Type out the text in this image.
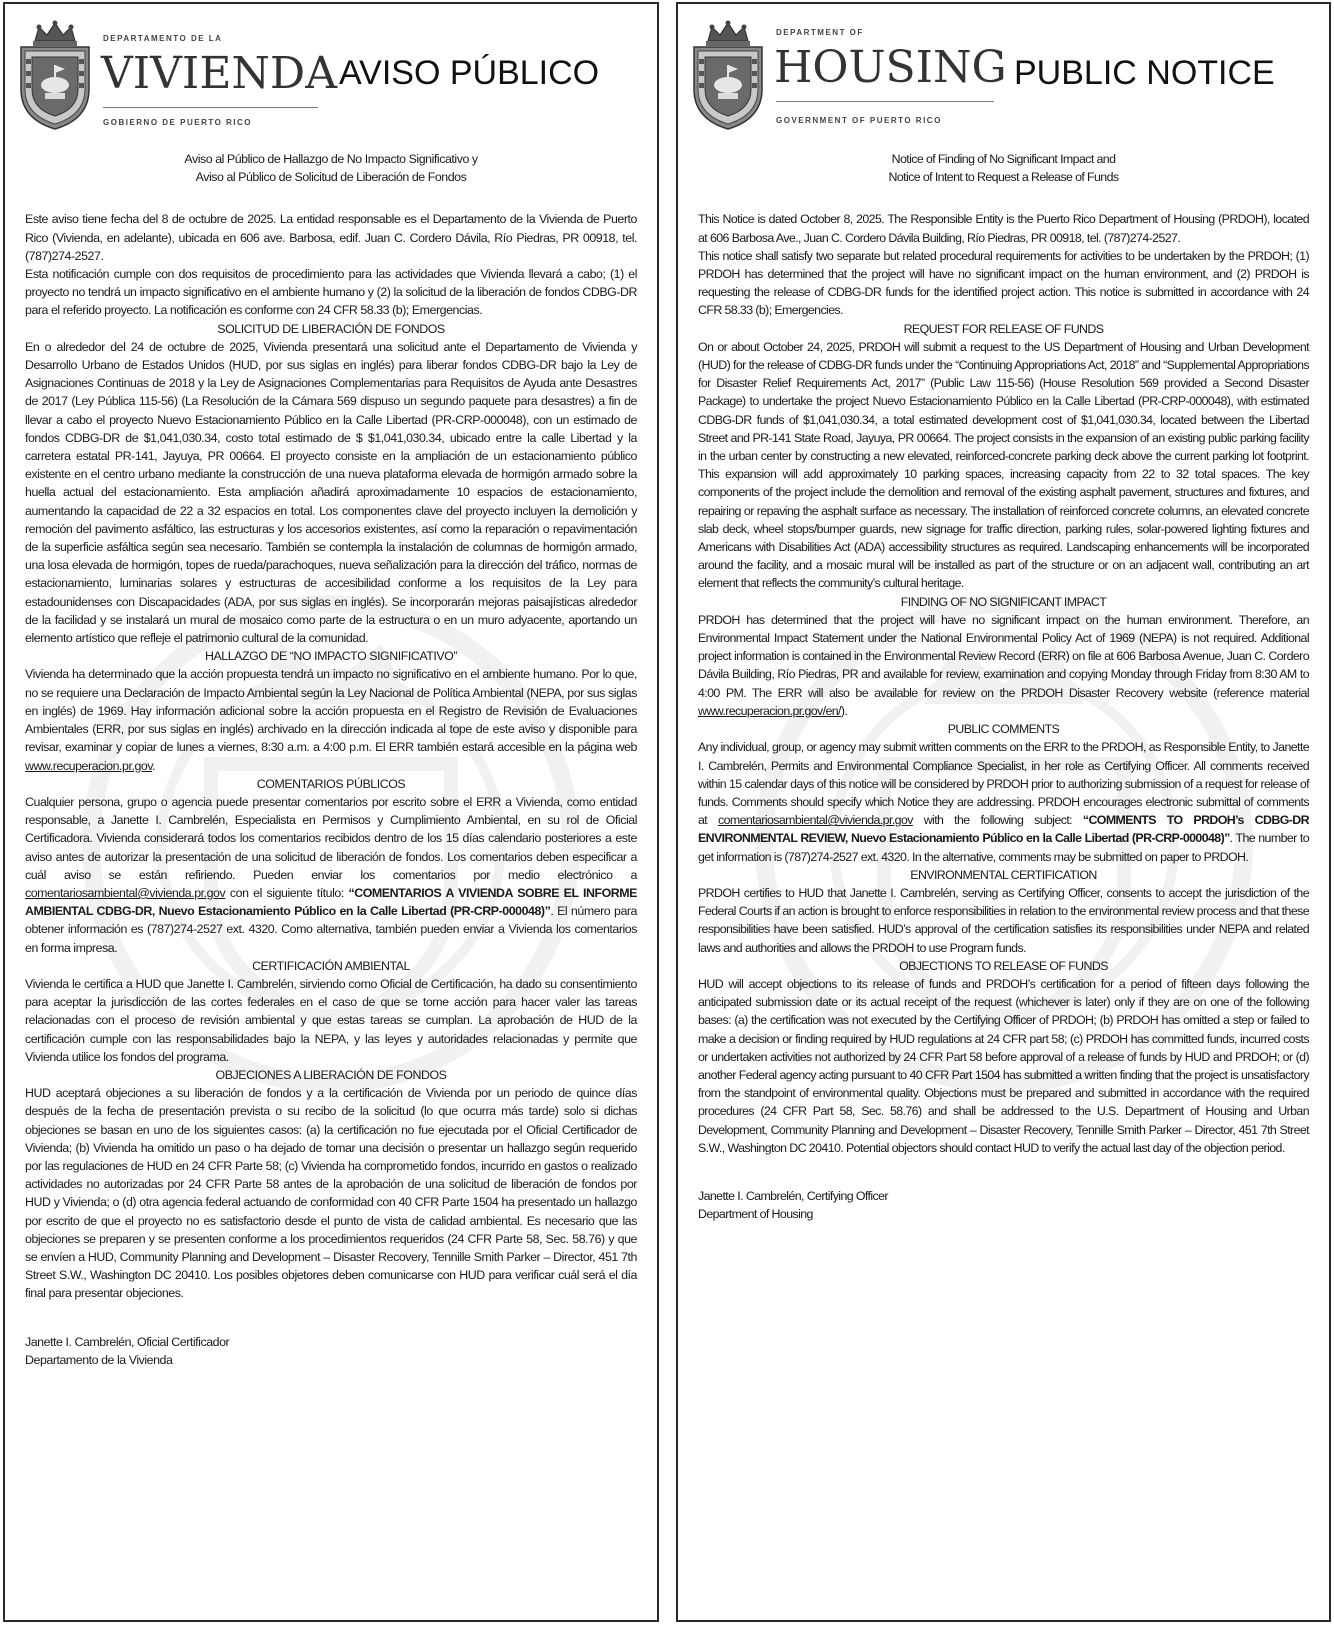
DEPARTAMENTO DE LA
VIVIENDA
GOBIERNO DE PUERTO RICO
AVISO PÚBLICO

Aviso al Público de Hallazgo de No Impacto Significativo y

Aviso al Público de Solicitud de Liberación de Fondos

Este aviso tiene fecha del 8 de octubre de 2025. La entidad responsable es el Departamento de la Vivienda de Puerto Rico (Vivienda, en adelante), ubicada en 606 ave. Barbosa, edif. Juan C. Cordero Dávila, Río Piedras, PR 00918, tel. (787)274-2527.

Esta notificación cumple con dos requisitos de procedimiento para las actividades que Vivienda llevará a cabo; (1) el proyecto no tendrá un impacto significativo en el ambiente humano y (2) la solicitud de la liberación de fondos CDBG-DR para el referido proyecto. La notificación es conforme con 24 CFR 58.33 (b); Emergencias.

SOLICITUD DE LIBERACIÓN DE FONDOS

En o alrededor del 24 de octubre de 2025, Vivienda presentará una solicitud ante el Departamento de Vivienda y Desarrollo Urbano de Estados Unidos (HUD, por sus siglas en inglés) para liberar fondos CDBG-DR bajo la Ley de Asignaciones Continuas de 2018 y la Ley de Asignaciones Complementarias para Requisitos de Ayuda ante Desastres de 2017 (Ley Pública 115-56) (La Resolución de la Cámara 569 dispuso un segundo paquete para desastres) a fin de llevar a cabo el proyecto Nuevo Estacionamiento Público en la Calle Libertad (PR-CRP-000048), con un estimado de fondos CDBG-DR de $1,041,030.34, costo total estimado de $ $1,041,030.34, ubicado entre la calle Libertad y la carretera estatal PR-141, Jayuya, PR 00664. El proyecto consiste en la ampliación de un estacionamiento público existente en el centro urbano mediante la construcción de una nueva plataforma elevada de hormigón armado sobre la huella actual del estacionamiento. Esta ampliación añadirá aproximadamente 10 espacios de estacionamiento, aumentando la capacidad de 22 a 32 espacios en total. Los componentes clave del proyecto incluyen la demolición y remoción del pavimento asfáltico, las estructuras y los accesorios existentes, así como la reparación o repavimentación de la superficie asfáltica según sea necesario. También se contempla la instalación de columnas de hormigón armado, una losa elevada de hormigón, topes de rueda/parachoques, nueva señalización para la dirección del tráfico, normas de estacionamiento, luminarias solares y estructuras de accesibilidad conforme a los requisitos de la Ley para estadounidenses con Discapacidades (ADA, por sus siglas en inglés). Se incorporarán mejoras paisajísticas alrededor de la facilidad y se instalará un mural de mosaico como parte de la estructura o en un muro adyacente, aportando un elemento artístico que refleje el patrimonio cultural de la comunidad.

HALLAZGO DE “NO IMPACTO SIGNIFICATIVO”

Vivienda ha determinado que la acción propuesta tendrá un impacto no significativo en el ambiente humano. Por lo que, no se requiere una Declaración de Impacto Ambiental según la Ley Nacional de Política Ambiental (NEPA, por sus siglas en inglés) de 1969. Hay información adicional sobre la acción propuesta en el Registro de Revisión de Evaluaciones Ambientales (ERR, por sus siglas en inglés) archivado en la dirección indicada al tope de este aviso y disponible para revisar, examinar y copiar de lunes a viernes, 8:30 a.m. a 4:00 p.m. El ERR también estará accesible en la página web www.recuperacion.pr.gov.

COMENTARIOS PÚBLICOS

Cualquier persona, grupo o agencia puede presentar comentarios por escrito sobre el ERR a Vivienda, como entidad responsable, a Janette I. Cambrelén, Especialista en Permisos y Cumplimiento Ambiental, en su rol de Oficial Certificadora. Vivienda considerará todos los comentarios recibidos dentro de los 15 días calendario posteriores a este aviso antes de autorizar la presentación de una solicitud de liberación de fondos. Los comentarios deben especificar a cuál aviso se están refiriendo. Pueden enviar los comentarios por medio electrónico a comentariosambiental@vivienda.pr.gov con el siguiente título: “COMENTARIOS A VIVIENDA SOBRE EL INFORME AMBIENTAL CDBG-DR, Nuevo Estacionamiento Público en la Calle Libertad (PR-CRP-000048)”. El número para obtener información es (787)274-2527 ext. 4320. Como alternativa, también pueden enviar a Vivienda los comentarios en forma impresa.

CERTIFICACIÓN AMBIENTAL

Vivienda le certifica a HUD que Janette I. Cambrelén, sirviendo como Oficial de Certificación, ha dado su consentimiento para aceptar la jurisdicción de las cortes federales en el caso de que se tome acción para hacer valer las tareas relacionadas con el proceso de revisión ambiental y que estas tareas se cumplan. La aprobación de HUD de la certificación cumple con las responsabilidades bajo la NEPA, y las leyes y autoridades relacionadas y permite que Vivienda utilice los fondos del programa.

OBJECIONES A LIBERACIÓN DE FONDOS

HUD aceptará objeciones a su liberación de fondos y a la certificación de Vivienda por un periodo de quince días después de la fecha de presentación prevista o su recibo de la solicitud (lo que ocurra más tarde) solo si dichas objeciones se basan en uno de los siguientes casos: (a) la certificación no fue ejecutada por el Oficial Certificador de Vivienda; (b) Vivienda ha omitido un paso o ha dejado de tomar una decisión o presentar un hallazgo según requerido por las regulaciones de HUD en 24 CFR Parte 58; (c) Vivienda ha comprometido fondos, incurrido en gastos o realizado actividades no autorizadas por 24 CFR Parte 58 antes de la aprobación de una solicitud de liberación de fondos por HUD y Vivienda; o (d) otra agencia federal actuando de conformidad con 40 CFR Parte 1504 ha presentado un hallazgo por escrito de que el proyecto no es satisfactorio desde el punto de vista de calidad ambiental. Es necesario que las objeciones se preparen y se presenten conforme a los procedimientos requeridos (24 CFR Parte 58, Sec. 58.76) y que se envíen a HUD, Community Planning and Development – Disaster Recovery, Tennille Smith Parker – Director, 451 7th Street S.W., Washington DC 20410. Los posibles objetores deben comunicarse con HUD para verificar cuál será el día final para presentar objeciones.

Janette I. Cambrelén, Oficial Certificador

Departamento de la Vivienda

DEPARTMENT OF
HOUSING
GOVERNMENT OF PUERTO RICO
PUBLIC NOTICE

Notice of Finding of No Significant Impact and

Notice of Intent to Request a Release of Funds

This Notice is dated October 8, 2025. The Responsible Entity is the Puerto Rico Department of Housing (PRDOH), located at 606 Barbosa Ave., Juan C. Cordero Dávila Building, Río Piedras, PR 00918, tel. (787)274-2527.

This notice shall satisfy two separate but related procedural requirements for activities to be undertaken by the PRDOH; (1) PRDOH has determined that the project will have no significant impact on the human environment, and (2) PRDOH is requesting the release of CDBG-DR funds for the identified project action. This notice is submitted in accordance with 24 CFR 58.33 (b); Emergencies.

REQUEST FOR RELEASE OF FUNDS

On or about October 24, 2025, PRDOH will submit a request to the US Department of Housing and Urban Development (HUD) for the release of CDBG-DR funds under the “Continuing Appropriations Act, 2018” and “Supplemental Appropriations for Disaster Relief Requirements Act, 2017” (Public Law 115-56) (House Resolution 569 provided a Second Disaster Package) to undertake the project Nuevo Estacionamiento Público en la Calle Libertad (PR-CRP-000048), with estimated CDBG-DR funds of $1,041,030.34, a total estimated development cost of $1,041,030.34, located between the Libertad Street and PR-141 State Road, Jayuya, PR 00664. The project consists in the expansion of an existing public parking facility in the urban center by constructing a new elevated, reinforced-concrete parking deck above the current parking lot footprint. This expansion will add approximately 10 parking spaces, increasing capacity from 22 to 32 total spaces. The key components of the project include the demolition and removal of the existing asphalt pavement, structures and fixtures, and repairing or repaving the asphalt surface as necessary. The installation of reinforced concrete columns, an elevated concrete slab deck, wheel stops/bumper guards, new signage for traffic direction, parking rules, solar-powered lighting fixtures and Americans with Disabilities Act (ADA) accessibility structures as required. Landscaping enhancements will be incorporated around the facility, and a mosaic mural will be installed as part of the structure or on an adjacent wall, contributing an art element that reflects the community’s cultural heritage.

FINDING OF NO SIGNIFICANT IMPACT

PRDOH has determined that the project will have no significant impact on the human environment. Therefore, an Environmental Impact Statement under the National Environmental Policy Act of 1969 (NEPA) is not required. Additional project information is contained in the Environmental Review Record (ERR) on file at 606 Barbosa Avenue, Juan C. Cordero Dávila Building, Río Piedras, PR and available for review, examination and copying Monday through Friday from 8:30 AM to 4:00 PM. The ERR will also be available for review on the PRDOH Disaster Recovery website (reference material www.recuperacion.pr.gov/en/).

PUBLIC COMMENTS

Any individual, group, or agency may submit written comments on the ERR to the PRDOH, as Responsible Entity, to Janette I. Cambrelén, Permits and Environmental Compliance Specialist, in her role as Certifying Officer. All comments received within 15 calendar days of this notice will be considered by PRDOH prior to authorizing submission of a request for release of funds. Comments should specify which Notice they are addressing. PRDOH encourages electronic submittal of comments at comentariosambiental@vivienda.pr.gov with the following subject: “COMMENTS TO PRDOH’s CDBG-DR ENVIRONMENTAL REVIEW, Nuevo Estacionamiento Público en la Calle Libertad (PR-CRP-000048)”. The number to get information is (787)274-2527 ext. 4320. In the alternative, comments may be submitted on paper to PRDOH.

ENVIRONMENTAL CERTIFICATION

PRDOH certifies to HUD that Janette I. Cambrelén, serving as Certifying Officer, consents to accept the jurisdiction of the Federal Courts if an action is brought to enforce responsibilities in relation to the environmental review process and that these responsibilities have been satisfied. HUD’s approval of the certification satisfies its responsibilities under NEPA and related laws and authorities and allows the PRDOH to use Program funds.

OBJECTIONS TO RELEASE OF FUNDS

HUD will accept objections to its release of funds and PRDOH’s certification for a period of fifteen days following the anticipated submission date or its actual receipt of the request (whichever is later) only if they are on one of the following bases: (a) the certification was not executed by the Certifying Officer of PRDOH; (b) PRDOH has omitted a step or failed to make a decision or finding required by HUD regulations at 24 CFR part 58; (c) PRDOH has committed funds, incurred costs or undertaken activities not authorized by 24 CFR Part 58 before approval of a release of funds by HUD and PRDOH; or (d) another Federal agency acting pursuant to 40 CFR Part 1504 has submitted a written finding that the project is unsatisfactory from the standpoint of environmental quality. Objections must be prepared and submitted in accordance with the required procedures (24 CFR Part 58, Sec. 58.76) and shall be addressed to the U.S. Department of Housing and Urban Development, Community Planning and Development – Disaster Recovery, Tennille Smith Parker – Director, 451 7th Street S.W., Washington DC 20410. Potential objectors should contact HUD to verify the actual last day of the objection period.

Janette I. Cambrelén, Certifying Officer

Department of Housing
